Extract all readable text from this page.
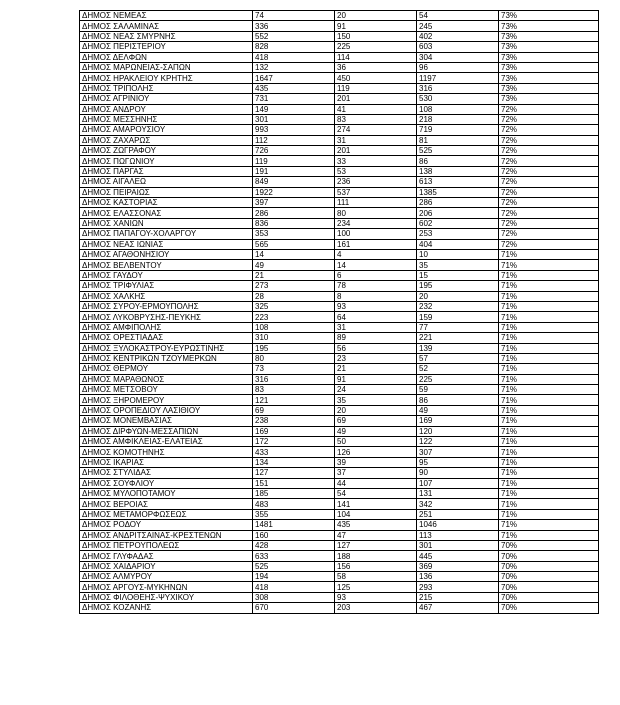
ΔΗΜΟΣ ΝΕΜΕΑΣ	74	20	54	73%
ΔΗΜΟΣ ΣΑΛΑΜΙΝΑΣ	336	91	245	73%
ΔΗΜΟΣ ΝΕΑΣ ΣΜΥΡΝΗΣ	552	150	402	73%
ΔΗΜΟΣ ΠΕΡΙΣΤΕΡΙΟΥ	828	225	603	73%
ΔΗΜΟΣ ΔΕΛΦΩΝ	418	114	304	73%
ΔΗΜΟΣ ΜΑΡΩΝΕΙΑΣ-ΣΑΠΩΝ	132	36	96	73%
ΔΗΜΟΣ ΗΡΑΚΛΕΙΟΥ ΚΡΗΤΗΣ	1647	450	1197	73%
ΔΗΜΟΣ ΤΡΙΠΟΛΗΣ	435	119	316	73%
ΔΗΜΟΣ ΑΓΡΙΝΙΟΥ	731	201	530	73%
ΔΗΜΟΣ ΑΝΔΡΟΥ	149	41	108	72%
ΔΗΜΟΣ ΜΕΣΣΗΝΗΣ	301	83	218	72%
ΔΗΜΟΣ ΑΜΑΡΟΥΣΙΟΥ	993	274	719	72%
ΔΗΜΟΣ ΖΑΧΑΡΩΣ	112	31	81	72%
ΔΗΜΟΣ ΖΩΓΡΑΦΟΥ	726	201	525	72%
ΔΗΜΟΣ ΠΩΓΩΝΙΟΥ	119	33	86	72%
ΔΗΜΟΣ ΠΑΡΓΑΣ	191	53	138	72%
ΔΗΜΟΣ ΑΙΓΑΛΕΩ	849	236	613	72%
ΔΗΜΟΣ ΠΕΙΡΑΙΩΣ	1922	537	1385	72%
ΔΗΜΟΣ ΚΑΣΤΟΡΙΑΣ	397	111	286	72%
ΔΗΜΟΣ ΕΛΑΣΣΟΝΑΣ	286	80	206	72%
ΔΗΜΟΣ ΧΑΝΙΩΝ	836	234	602	72%
ΔΗΜΟΣ ΠΑΠΑΓΟΥ-ΧΟΛΑΡΓΟΥ	353	100	253	72%
ΔΗΜΟΣ ΝΕΑΣ ΙΩΝΙΑΣ	565	161	404	72%
ΔΗΜΟΣ ΑΓΑΘΟΝΗΣΙΟΥ	14	4	10	71%
ΔΗΜΟΣ ΒΕΛΒΕΝΤΟΥ	49	14	35	71%
ΔΗΜΟΣ ΓΑΥΔΟΥ	21	6	15	71%
ΔΗΜΟΣ ΤΡΙΦΥΛΙΑΣ	273	78	195	71%
ΔΗΜΟΣ ΧΑΛΚΗΣ	28	8	20	71%
ΔΗΜΟΣ ΣΥΡΟΥ-ΕΡΜΟΥΠΟΛΗΣ	325	93	232	71%
ΔΗΜΟΣ ΛΥΚΟΒΡΥΣΗΣ-ΠΕΥΚΗΣ	223	64	159	71%
ΔΗΜΟΣ ΑΜΦΙΠΟΛΗΣ	108	31	77	71%
ΔΗΜΟΣ ΟΡΕΣΤΙΑΔΑΣ	310	89	221	71%
ΔΗΜΟΣ ΞΥΛΟΚΑΣΤΡΟΥ-ΕΥΡΩΣΤΙΝΗΣ	195	56	139	71%
ΔΗΜΟΣ ΚΕΝΤΡΙΚΩΝ ΤΖΟΥΜΕΡΚΩΝ	80	23	57	71%
ΔΗΜΟΣ ΘΕΡΜΟΥ	73	21	52	71%
ΔΗΜΟΣ ΜΑΡΑΘΩΝΟΣ	316	91	225	71%
ΔΗΜΟΣ ΜΕΤΣΟΒΟΥ	83	24	59	71%
ΔΗΜΟΣ ΞΗΡΟΜΕΡΟΥ	121	35	86	71%
ΔΗΜΟΣ ΟΡΟΠΕΔΙΟΥ ΛΑΣΙΘΙΟΥ	69	20	49	71%
ΔΗΜΟΣ ΜΟΝΕΜΒΑΣΙΑΣ	238	69	169	71%
ΔΗΜΟΣ ΔΙΡΦΥΩΝ-ΜΕΣΣΑΠΙΩΝ	169	49	120	71%
ΔΗΜΟΣ ΑΜΦΙΚΛΕΙΑΣ-ΕΛΑΤΕΙΑΣ	172	50	122	71%
ΔΗΜΟΣ ΚΟΜΟΤΗΝΗΣ	433	126	307	71%
ΔΗΜΟΣ ΙΚΑΡΙΑΣ	134	39	95	71%
ΔΗΜΟΣ ΣΤΥΛΙΔΑΣ	127	37	90	71%
ΔΗΜΟΣ ΣΟΥΦΛΙΟΥ	151	44	107	71%
ΔΗΜΟΣ ΜΥΛΟΠΟΤΑΜΟΥ	185	54	131	71%
ΔΗΜΟΣ ΒΕΡΟΙΑΣ	483	141	342	71%
ΔΗΜΟΣ ΜΕΤΑΜΟΡΦΩΣΕΩΣ	355	104	251	71%
ΔΗΜΟΣ ΡΟΔΟΥ	1481	435	1046	71%
ΔΗΜΟΣ ΑΝΔΡΙΤΣΑΙΝΑΣ-ΚΡΕΣΤΕΝΩΝ	160	47	113	71%
ΔΗΜΟΣ ΠΕΤΡΟΥΠΟΛΕΩΣ	428	127	301	70%
ΔΗΜΟΣ ΓΛΥΦΑΔΑΣ	633	188	445	70%
ΔΗΜΟΣ ΧΑΙΔΑΡΙΟΥ	525	156	369	70%
ΔΗΜΟΣ ΑΛΜΥΡΟΥ	194	58	136	70%
ΔΗΜΟΣ ΑΡΓΟΥΣ-ΜΥΚΗΝΩΝ	418	125	293	70%
ΔΗΜΟΣ ΦΙΛΟΘΕΗΣ-ΨΥΧΙΚΟΥ	308	93	215	70%
ΔΗΜΟΣ ΚΟΖΑΝΗΣ	670	203	467	70%
